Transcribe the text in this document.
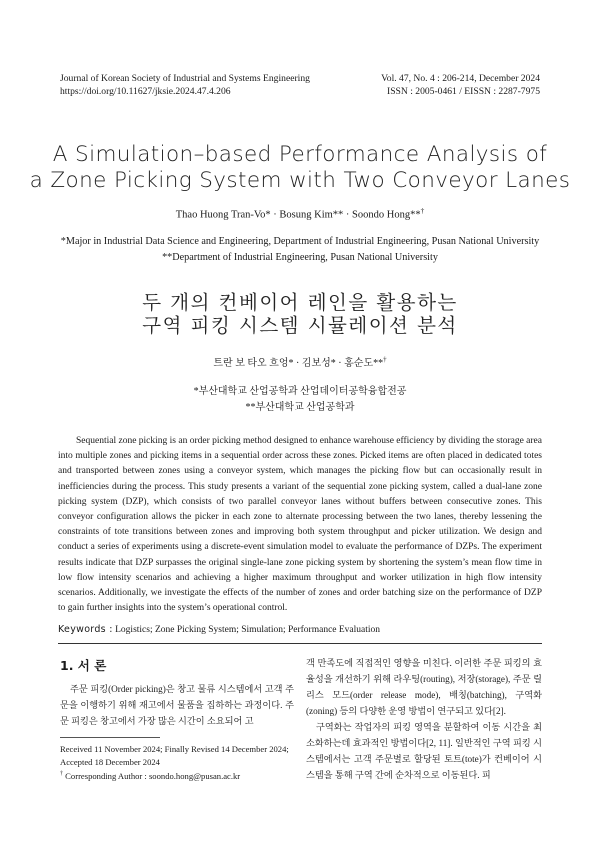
Journal of Korean Society of Industrial and Systems Engineering
https://doi.org/10.11627/jksie.2024.47.4.206
Vol. 47, No. 4 : 206-214, December 2024
ISSN : 2005-0461 / EISSN : 2287-7975
A Simulation–based Performance Analysis of
a Zone Picking System with Two Conveyor Lanes
Thao Huong Tran-Vo* · Bosung Kim** · Soondo Hong**†
*Major in Industrial Data Science and Engineering, Department of Industrial Engineering, Pusan National University
**Department of Industrial Engineering, Pusan National University
두 개의 컨베이어 레인을 활용하는
구역 피킹 시스템 시뮬레이션 분석
트란 보 타오 흐엉* · 김보성* · 홍순도**†
*부산대학교 산업공학과 산업데이터공학융합전공
**부산대학교 산업공학과
Sequential zone picking is an order picking method designed to enhance warehouse efficiency by dividing the storage area into multiple zones and picking items in a sequential order across these zones. Picked items are often placed in dedicated totes and transported between zones using a conveyor system, which manages the picking flow but can occasionally result in inefficiencies during the process. This study presents a variant of the sequential zone picking system, called a dual-lane zone picking system (DZP), which consists of two parallel conveyor lanes without buffers between consecutive zones. This conveyor configuration allows the picker in each zone to alternate processing between the two lanes, thereby lessening the constraints of tote transitions between zones and improving both system throughput and picker utilization. We design and conduct a series of experiments using a discrete-event simulation model to evaluate the performance of DZPs. The experiment results indicate that DZP surpasses the original single-lane zone picking system by shortening the system’s mean flow time in low flow intensity scenarios and achieving a higher maximum throughput and worker utilization in high flow intensity scenarios. Additionally, we investigate the effects of the number of zones and order batching size on the performance of DZP to gain further insights into the system’s operational control.
Keywords : Logistics; Zone Picking System; Simulation; Performance Evaluation
1. 서 론

주문 피킹(Order picking)은 창고 물류 시스템에서 고객 주문을 이행하기 위해 재고에서 물품을 집하하는 과정이다. 주문 피킹은 창고에서 가장 많은 시간이 소요되어 고

객 만족도에 직접적인 영향을 미친다. 이러한 주문 피킹의 효율성을 개선하기 위해 라우팅(routing), 저장(storage), 주문 릴리스 모드(order release mode), 배칭(batching), 구역화(zoning) 등의 다양한 운영 방법이 연구되고 있다[2].

구역화는 작업자의 피킹 영역을 분할하여 이동 시간을 최소화하는데 효과적인 방법이다[2, 11]. 일반적인 구역 피킹 시스템에서는 고객 주문별로 할당된 토트(tote)가 컨베이어 시스템을 통해 구역 간에 순차적으로 이동된다. 피

Received 11 November 2024; Finally Revised 14 December 2024; Accepted 18 December 2024
† Corresponding Author : soondo.hong@pusan.ac.kr
